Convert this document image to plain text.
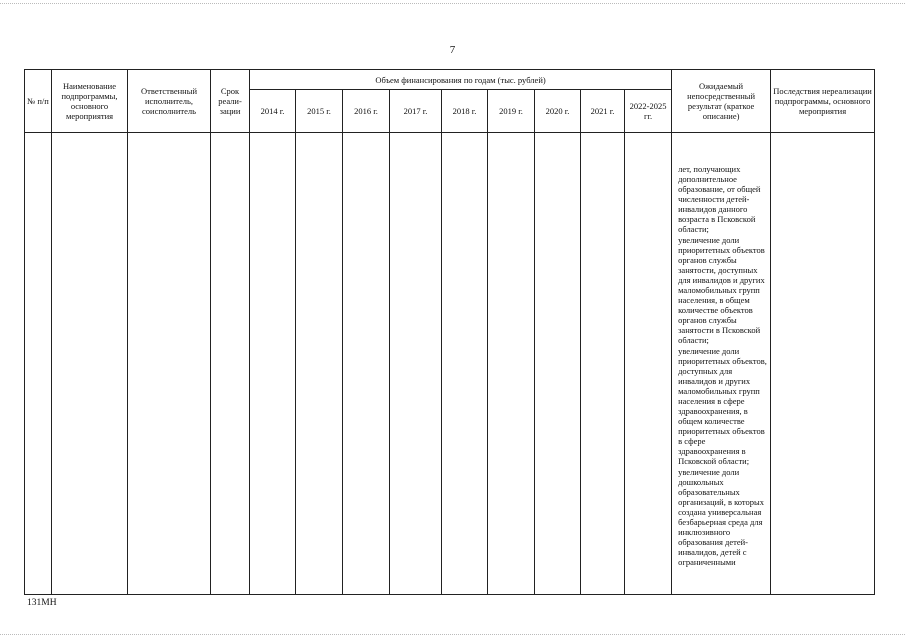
7
№ п/п	Наименование подпрограммы, основного мероприятия	Ответственный исполнитель, соисполнитель	Срок реали-зации	Объем финансирования по годам (тыс. рублей)									Ожидаемый непосредственный результат (краткое описание)	Последствия нереализации подпрограммы, основного мероприятия
				2014 г.	2015 г.	2016 г.	2017 г.	2018 г.	2019 г.	2020 г.	2021 г.	2022-2025 гг.		

													лет, получающих дополнительное образование, от общей численности детей-инвалидов данного возраста в Псковской области;
увеличение доли приоритетных объектов органов службы занятости, доступных для инвалидов и других маломобильных групп населения, в общем количестве объектов органов службы занятости в Псковской области;
увеличение доли приоритетных объектов, доступных для инвалидов и других маломобильных групп населения в сфере здравоохранения, в общем количестве приоритетных объектов в сфере здравоохранения в Псковской области;
увеличение доли дошкольных образовательных организаций, в которых создана универсальная безбарьерная среда для инклюзивного образования детей-инвалидов, детей с ограниченными	

131МН
